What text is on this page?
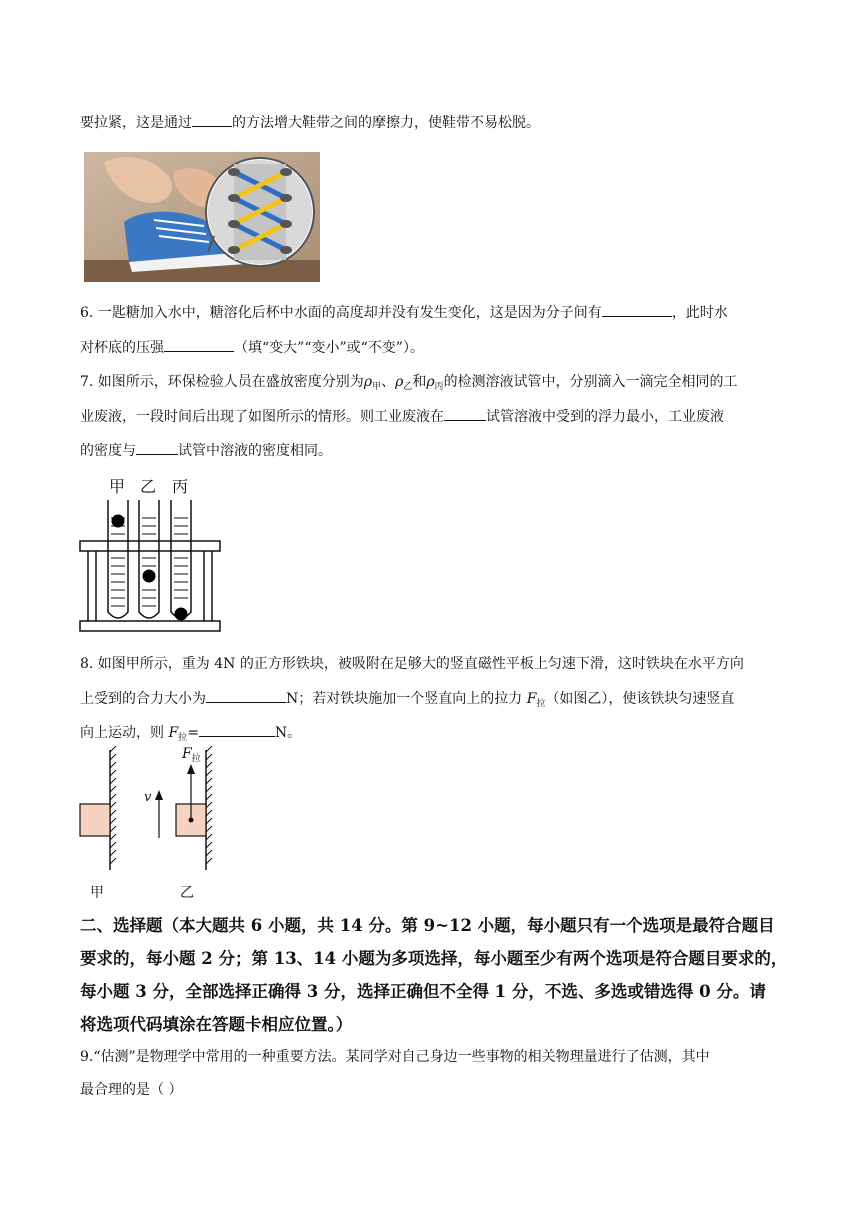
要拉紧，这是通过	的方法增大鞋带之间的摩擦力，使鞋带不易松脱。
6. 一匙糖加入水中，糖溶化后杯中水面的高度却并没有发生变化，这是因为分子间有	，此时水
对杯底的压强	（填“变大”“变小”或“不变”）。
7. 如图所示，环保检验人员在盛放密度分别为$\rho_甲$、$\rho_乙$和$\rho_丙$的检测溶液试管中，分别滴入一滴完全相同的工
业废液，一段时间后出现了如图所示的情形。则工业废液在	试管溶液中受到的浮力最小，工业废液
的密度与	试管中溶液的密度相同。
甲 乙 丙
8. 如图甲所示，重为 4N 的正方形铁块，被吸附在足够大的竖直磁性平板上匀速下滑，这时铁块在水平方向
上受到的合力大小为	N；若对铁块施加一个竖直向上的拉力 $F_拉$（如图乙），使该铁块匀速竖直
向上运动，则 $F_拉=$	N。
v
$F_拉$
甲	乙
二、选择题（本大题共 6 小题，共 14 分。第 9~12 小题，每小题只有一个选项是最符合题目
要求的，每小题 2 分；第 13、14 小题为多项选择，每小题至少有两个选项是符合题目要求的，
每小题 3 分，全部选择正确得 3 分，选择正确但不全得 1 分，不选、多选或错选得 0 分。请
将选项代码填涂在答题卡相应位置。）
9.“估测”是物理学中常用的一种重要方法。某同学对自己身边一些事物的相关物理量进行了估测，其中
最合理的是（ ）
